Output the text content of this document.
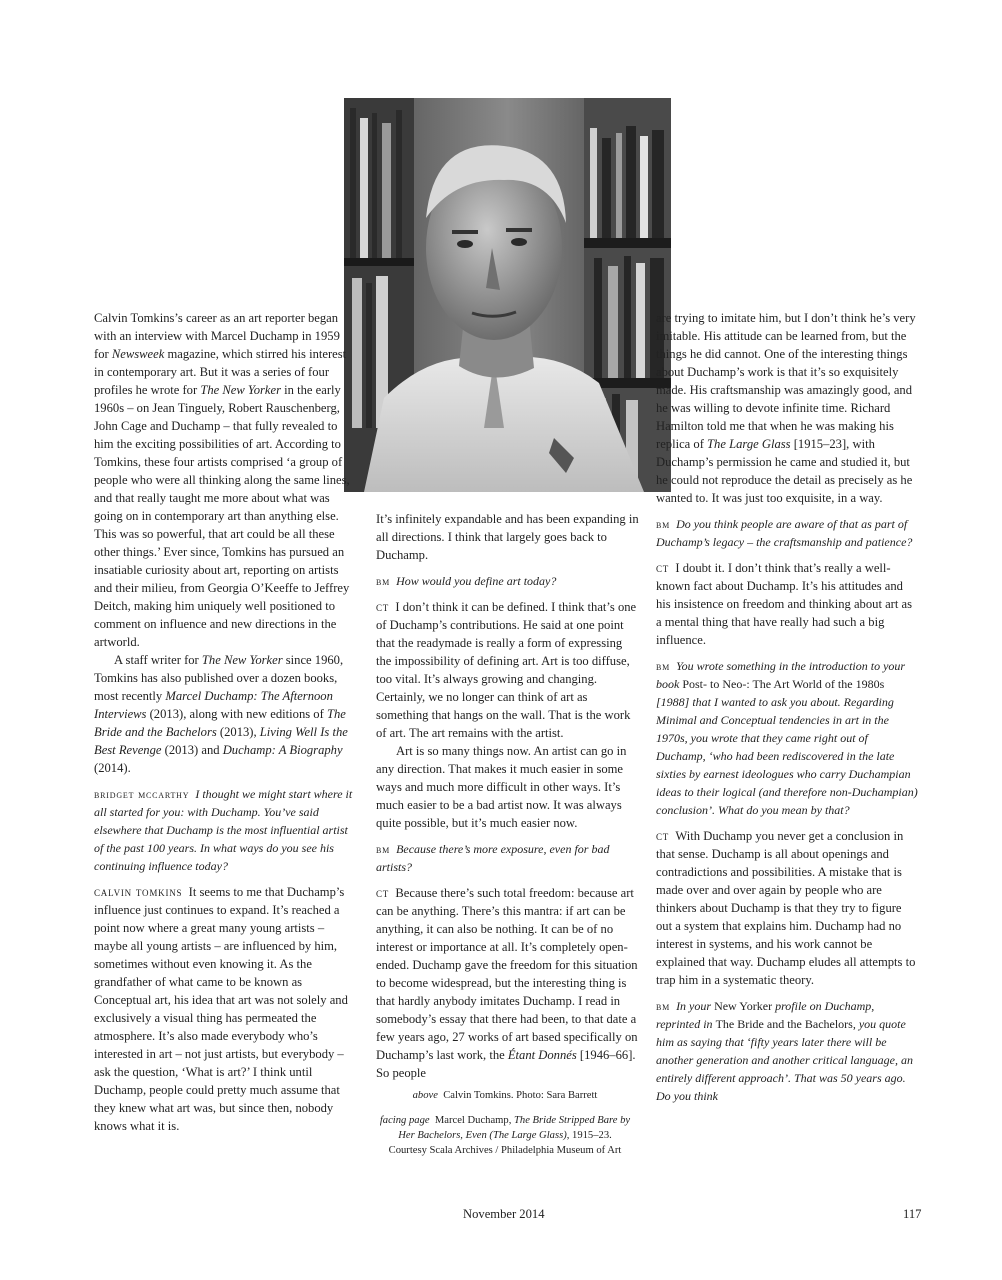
Calvin Tomkins’s career as an art reporter began with an interview with Marcel Duchamp in 1959 for Newsweek magazine, which stirred his interest in contemporary art. But it was a series of four profiles he wrote for The New Yorker in the early 1960s – on Jean Tinguely, Robert Rauschenberg, John Cage and Duchamp – that fully revealed to him the exciting possibilities of art. According to Tomkins, these four artists comprised ‘a group of people who were all thinking along the same lines, and that really taught me more about what was going on in contemporary art than anything else. This was so powerful, that art could be all these other things.’ Ever since, Tomkins has pursued an insatiable curiosity about art, reporting on artists and their milieu, from Georgia O’Keeffe to Jeffrey Deitch, making him uniquely well positioned to comment on influence and new directions in the artworld.

A staff writer for The New Yorker since 1960, Tomkins has also published over a dozen books, most recently Marcel Duchamp: The Afternoon Interviews (2013), along with new editions of The Bride and the Bachelors (2013), Living Well Is the Best Revenge (2013) and Duchamp: A Biography (2014).

bridget mccarthy I thought we might start where it all started for you: with Duchamp. You’ve said elsewhere that Duchamp is the most influential artist of the past 100 years. In what ways do you see his continuing influence today?

calvin tomkins It seems to me that Duchamp’s influence just continues to expand. It’s reached a point now where a great many young artists – maybe all young artists – are influenced by him, sometimes without even knowing it. As the grandfather of what came to be known as Conceptual art, his idea that art was not solely and exclusively a visual thing has permeated the atmosphere. It’s also made everybody who’s interested in art – not just artists, but everybody – ask the question, ‘What is art?’ I think until Duchamp, people could pretty much assume that they knew what art was, but since then, nobody knows what it is.

It’s infinitely expandable and has been expanding in all directions. I think that largely goes back to Duchamp.

bm How would you define art today?

ct I don’t think it can be defined. I think that’s one of Duchamp’s contributions. He said at one point that the readymade is really a form of expressing the impossibility of defining art. Art is too diffuse, too vital. It’s always growing and changing. Certainly, we no longer can think of art as something that hangs on the wall. That is the work of art. The art remains with the artist.

Art is so many things now. An artist can go in any direction. That makes it much easier in some ways and much more difficult in other ways. It’s much easier to be a bad artist now. It was always quite possible, but it’s much easier now.

bm Because there’s more exposure, even for bad artists?

ct Because there’s such total freedom: because art can be anything. There’s this mantra: if art can be anything, it can also be nothing. It can be of no interest or importance at all. It’s completely open-ended. Duchamp gave the freedom for this situation to become widespread, but the interesting thing is that hardly anybody imitates Duchamp. I read in somebody’s essay that there had been, to that date a few years ago, 27 works of art based specifically on Duchamp’s last work, the Étant Donnés [1946–66]. So people

above Calvin Tomkins. Photo: Sara Barrett
facing page Marcel Duchamp, The Bride Stripped Bare by Her Bachelors, Even (The Large Glass), 1915–23.
Courtesy Scala Archives / Philadelphia Museum of Art

are trying to imitate him, but I don’t think he’s very imitable. His attitude can be learned from, but the things he did cannot. One of the interesting things about Duchamp’s work is that it’s so exquisitely made. His craftsmanship was amazingly good, and he was willing to devote infinite time. Richard Hamilton told me that when he was making his replica of The Large Glass [1915–23], with Duchamp’s permission he came and studied it, but he could not reproduce the detail as precisely as he wanted to. It was just too exquisite, in a way.

bm Do you think people are aware of that as part of Duchamp’s legacy – the craftsmanship and patience?

ct I doubt it. I don’t think that’s really a well-known fact about Duchamp. It’s his attitudes and his insistence on freedom and thinking about art as a mental thing that have really had such a big influence.

bm You wrote something in the introduction to your book Post- to Neo-: The Art World of the 1980s [1988] that I wanted to ask you about. Regarding Minimal and Conceptual tendencies in art in the 1970s, you wrote that they came right out of Duchamp, ‘who had been rediscovered in the late sixties by earnest ideologues who carry Duchampian ideas to their logical (and therefore non-Duchampian) conclusion’. What do you mean by that?

ct With Duchamp you never get a conclusion in that sense. Duchamp is all about openings and contradictions and possibilities. A mistake that is made over and over again by people who are thinkers about Duchamp is that they try to figure out a system that explains him. Duchamp had no interest in systems, and his work cannot be explained that way. Duchamp eludes all attempts to trap him in a systematic theory.

bm In your New Yorker profile on Duchamp, reprinted in The Bride and the Bachelors, you quote him as saying that ‘fifty years later there will be another generation and another critical language, an entirely different approach’. That was 50 years ago. Do you think

November 2014	117
